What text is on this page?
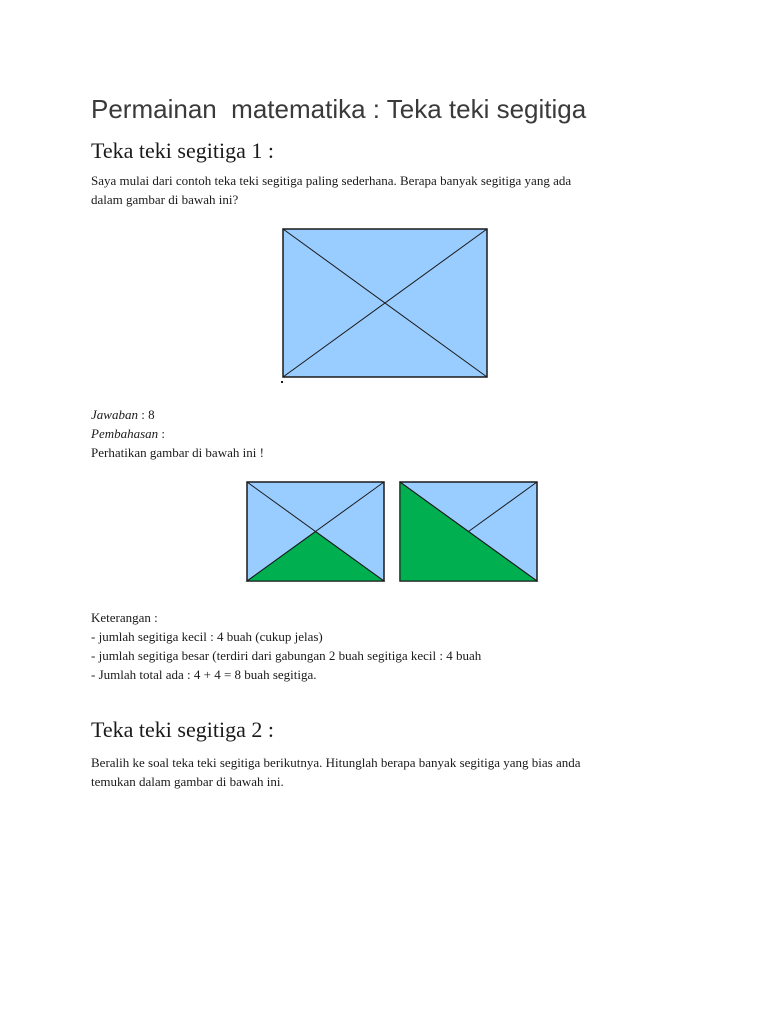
Permainan  matematika : Teka teki segitiga
Teka teki segitiga 1 :

Saya mulai dari contoh teka teki segitiga paling sederhana. Berapa banyak segitiga yang ada
dalam gambar di bawah ini?

Jawaban : 8
Pembahasan :
Perhatikan gambar di bawah ini !

Keterangan :
- jumlah segitiga kecil : 4 buah (cukup jelas)
- jumlah segitiga besar (terdiri dari gabungan 2 buah segitiga kecil : 4 buah
- Jumlah total ada : 4 + 4 = 8 buah segitiga.

Teka teki segitiga 2 :

Beralih ke soal teka teki segitiga berikutnya. Hitunglah berapa banyak segitiga yang bias anda
temukan dalam gambar di bawah ini.
